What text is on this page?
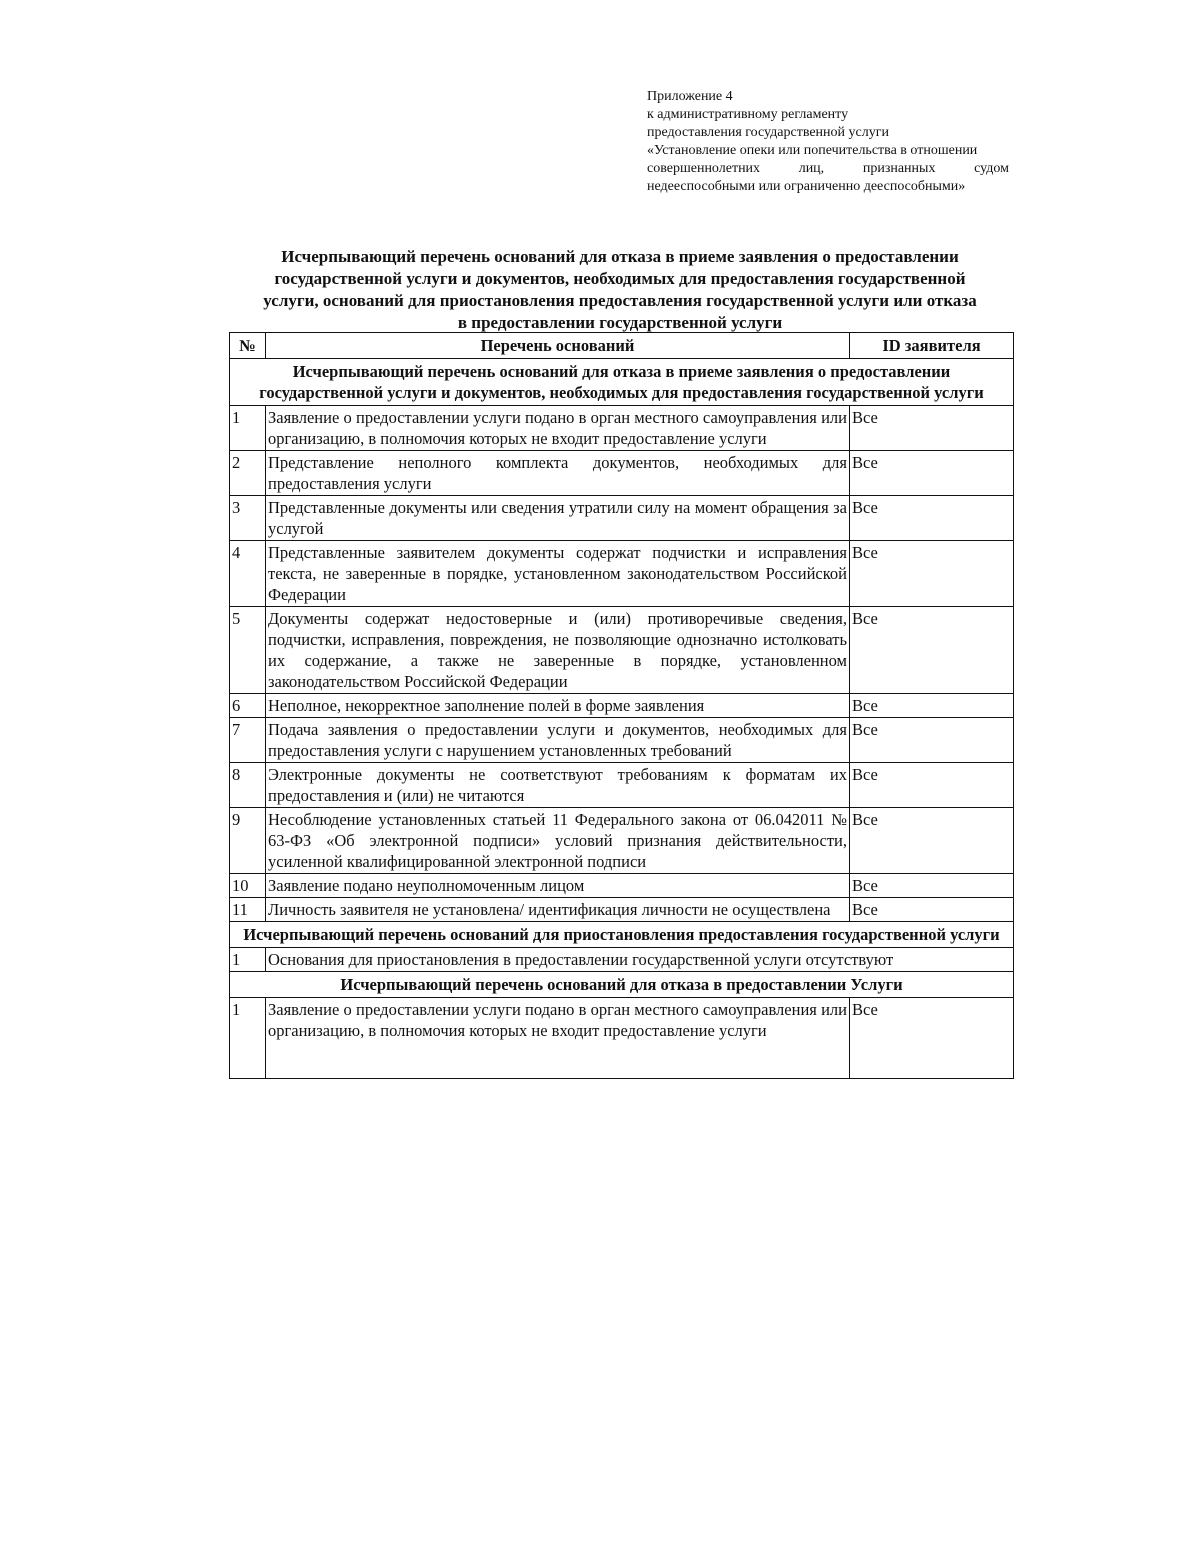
Приложение 4
к административному регламенту
предоставления государственной услуги
«Установление опеки или попечительства в отношении
совершеннолетних	лиц,	признанных	судом
недееспособными или ограниченно дееспособными»
Исчерпывающий перечень оснований для отказа в приеме заявления о предоставлении
государственной услуги и документов, необходимых для предоставления государственной
услуги, оснований для приостановления предоставления государственной услуги или отказа
в предоставлении государственной услуги
№	Перечень оснований	ID заявителя
Исчерпывающий перечень оснований для отказа в приеме заявления о предоставлении государственной услуги и документов, необходимых для предоставления государственной услуги		
1	Заявление о предоставлении услуги подано в орган местного самоуправления или организацию, в полномочия которых не входит предоставление услуги	Все
2	Представление неполного комплекта документов, необходимых для предоставления услуги	Все
3	Представленные документы или сведения утратили силу на момент обращения за услугой	Все
4	Представленные заявителем документы содержат подчистки и исправления текста, не заверенные в порядке, установленном законодательством Российской Федерации	Все
5	Документы содержат недостоверные и (или) противоречивые сведения, подчистки, исправления, повреждения, не позволяющие однозначно истолковать их содержание, а также не заверенные в порядке, установленном законодательством Российской Федерации	Все
6	Неполное, некорректное заполнение полей в форме заявления	Все
7	Подача заявления о предоставлении услуги и документов, необходимых для предоставления услуги с нарушением установленных требований	Все
8	Электронные документы не соответствуют требованиям к форматам их предоставления и (или) не читаются	Все
9	Несоблюдение установленных статьей 11 Федерального закона от 06.042011 № 63-ФЗ «Об электронной подписи» условий признания действительности, усиленной квалифицированной электронной подписи	Все
10	Заявление подано неуполномоченным лицом	Все
11	Личность заявителя не установлена/ идентификация личности не осуществлена	Все
Исчерпывающий перечень оснований для приостановления предоставления государственной услуги		
1	Основания для приостановления в предоставлении государственной услуги отсутствуют	
Исчерпывающий перечень оснований для отказа в предоставлении Услуги		
1	Заявление о предоставлении услуги подано в орган местного самоуправления или организацию, в полномочия которых не входит предоставление услуги	Все
